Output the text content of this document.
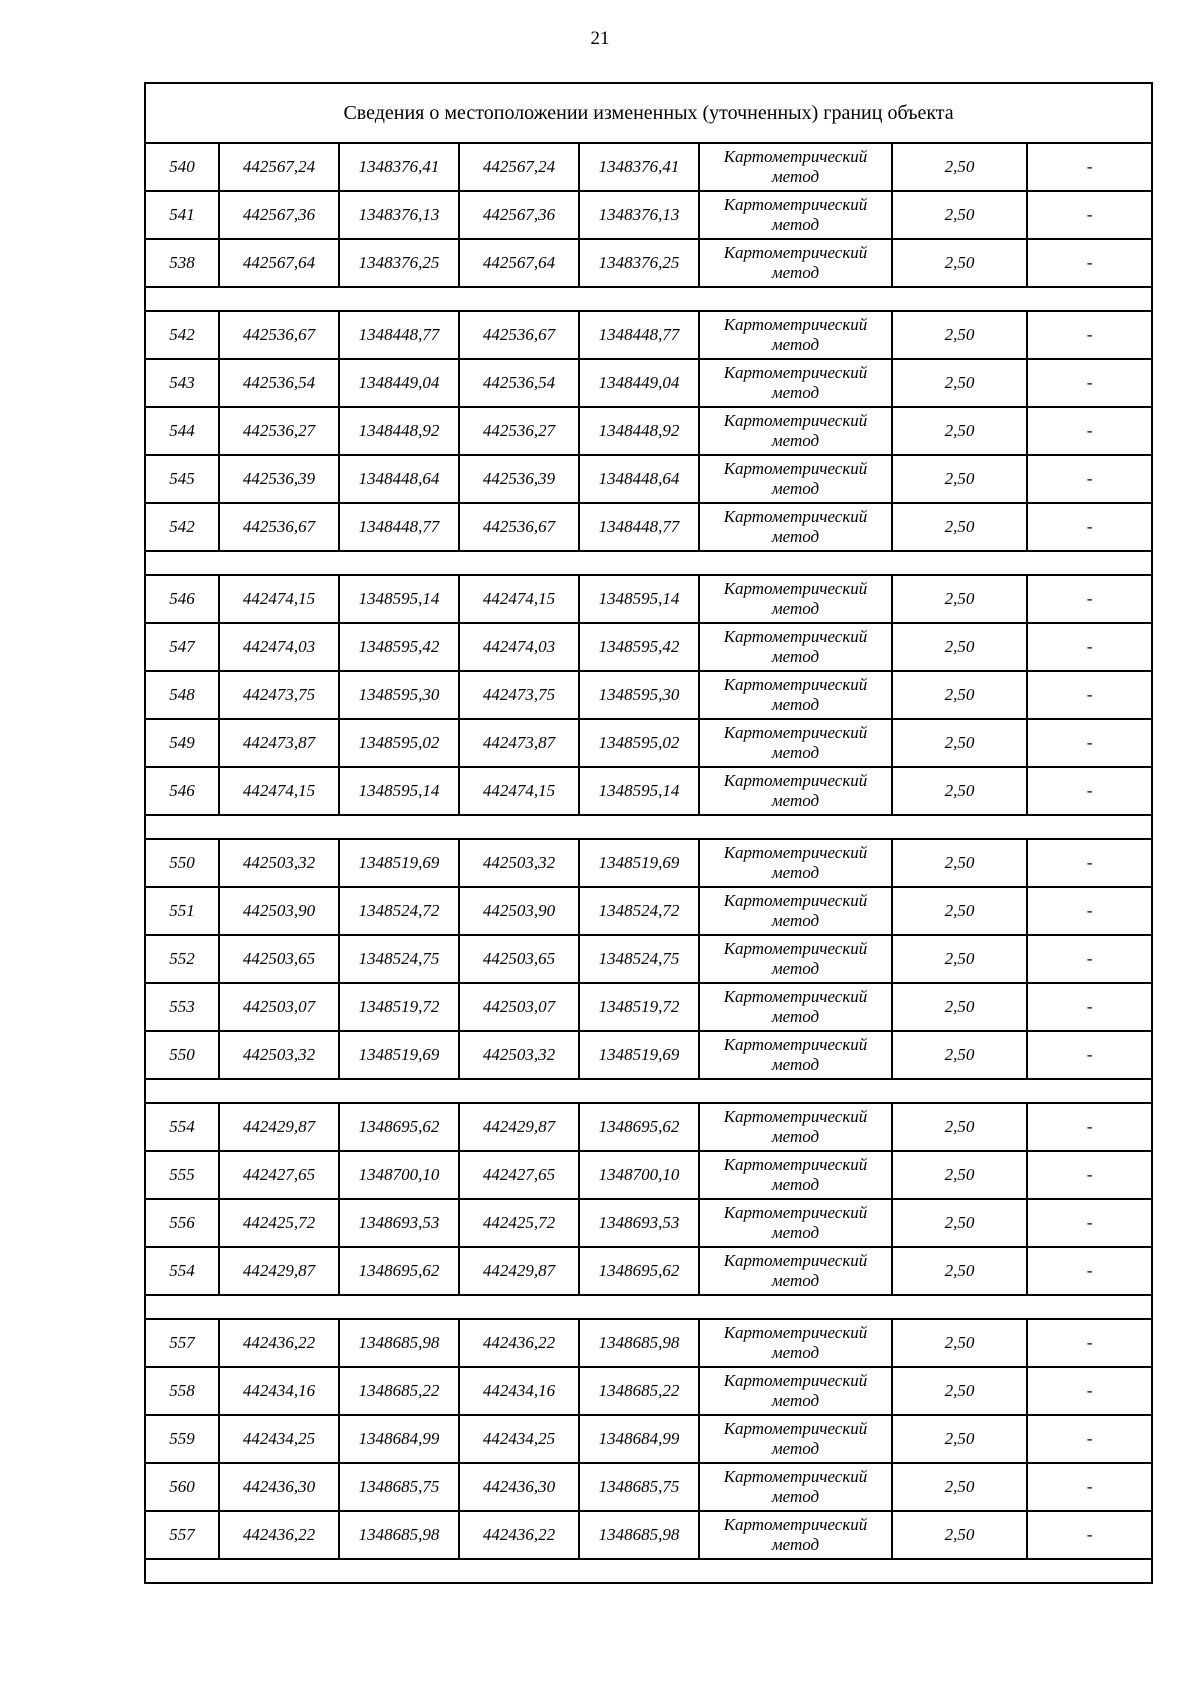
21
Сведения о местоположении измененных (уточненных) границ объекта							
540	442567,24	1348376,41	442567,24	1348376,41	Картометрический
метод	2,50	-
541	442567,36	1348376,13	442567,36	1348376,13	Картометрический
метод	2,50	-
538	442567,64	1348376,25	442567,64	1348376,25	Картометрический
метод	2,50	-

542	442536,67	1348448,77	442536,67	1348448,77	Картометрический
метод	2,50	-
543	442536,54	1348449,04	442536,54	1348449,04	Картометрический
метод	2,50	-
544	442536,27	1348448,92	442536,27	1348448,92	Картометрический
метод	2,50	-
545	442536,39	1348448,64	442536,39	1348448,64	Картометрический
метод	2,50	-
542	442536,67	1348448,77	442536,67	1348448,77	Картометрический
метод	2,50	-

546	442474,15	1348595,14	442474,15	1348595,14	Картометрический
метод	2,50	-
547	442474,03	1348595,42	442474,03	1348595,42	Картометрический
метод	2,50	-
548	442473,75	1348595,30	442473,75	1348595,30	Картометрический
метод	2,50	-
549	442473,87	1348595,02	442473,87	1348595,02	Картометрический
метод	2,50	-
546	442474,15	1348595,14	442474,15	1348595,14	Картометрический
метод	2,50	-

550	442503,32	1348519,69	442503,32	1348519,69	Картометрический
метод	2,50	-
551	442503,90	1348524,72	442503,90	1348524,72	Картометрический
метод	2,50	-
552	442503,65	1348524,75	442503,65	1348524,75	Картометрический
метод	2,50	-
553	442503,07	1348519,72	442503,07	1348519,72	Картометрический
метод	2,50	-
550	442503,32	1348519,69	442503,32	1348519,69	Картометрический
метод	2,50	-

554	442429,87	1348695,62	442429,87	1348695,62	Картометрический
метод	2,50	-
555	442427,65	1348700,10	442427,65	1348700,10	Картометрический
метод	2,50	-
556	442425,72	1348693,53	442425,72	1348693,53	Картометрический
метод	2,50	-
554	442429,87	1348695,62	442429,87	1348695,62	Картометрический
метод	2,50	-

557	442436,22	1348685,98	442436,22	1348685,98	Картометрический
метод	2,50	-
558	442434,16	1348685,22	442434,16	1348685,22	Картометрический
метод	2,50	-
559	442434,25	1348684,99	442434,25	1348684,99	Картометрический
метод	2,50	-
560	442436,30	1348685,75	442436,30	1348685,75	Картометрический
метод	2,50	-
557	442436,22	1348685,98	442436,22	1348685,98	Картометрический
метод	2,50	-
